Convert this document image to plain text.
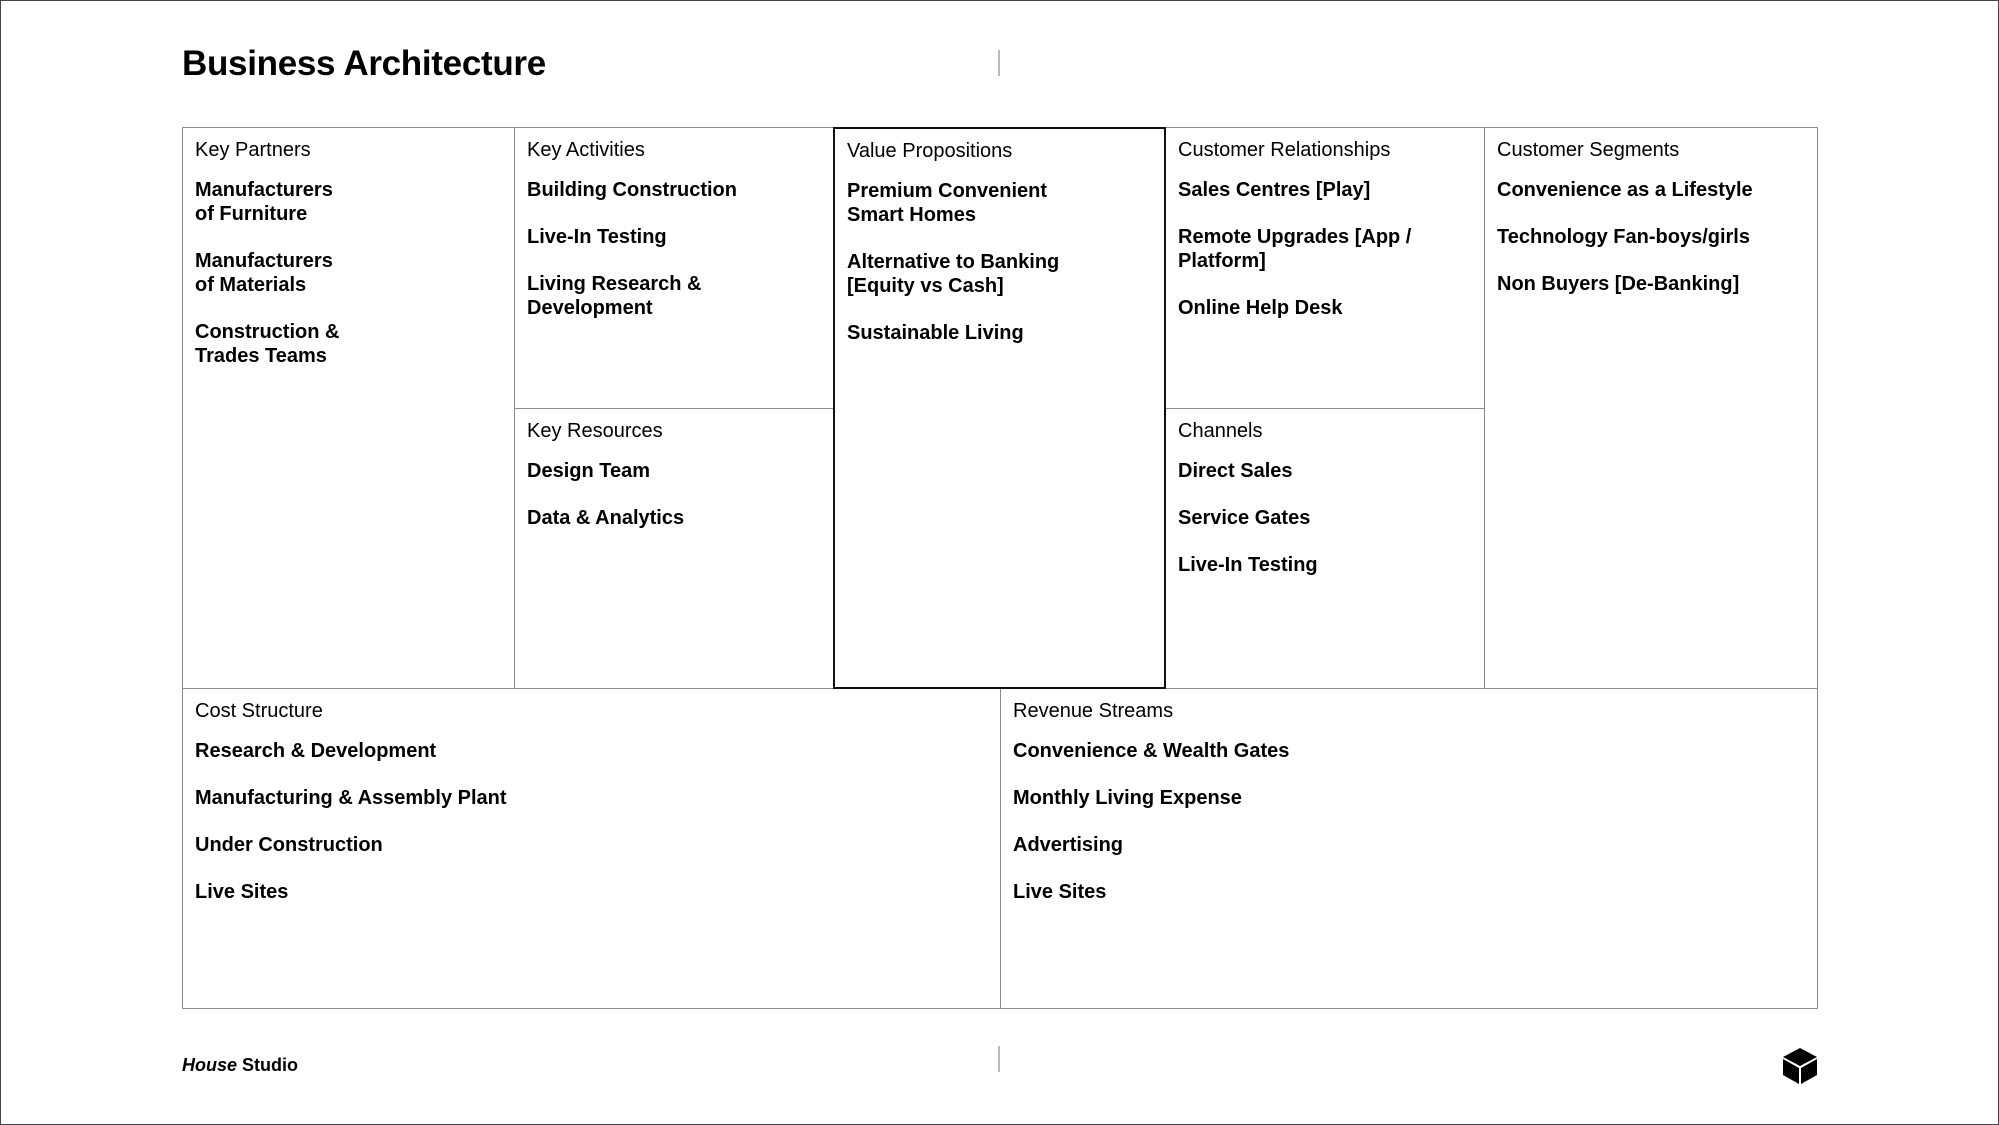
Business Architecture
Key Partners
Manufacturers
of Furniture
Manufacturers
of Materials
Construction &
Trades Teams
Key Activities
Building Construction
Live-In Testing
Living Research &
Development
Key Resources
Design Team
Data & Analytics
Value Propositions
Premium Convenient
Smart Homes
Alternative to Banking
[Equity vs Cash]
Sustainable Living
Customer Relationships
Sales Centres [Play]
Remote Upgrades [App /
Platform]
Online Help Desk
Channels
Direct Sales
Service Gates
Live-In Testing
Customer Segments
Convenience as a Lifestyle
Technology Fan-boys/girls
Non Buyers [De-Banking]
Cost Structure
Research & Development
Manufacturing & Assembly Plant
Under Construction
Live Sites
Revenue Streams
Convenience & Wealth Gates
Monthly Living Expense
Advertising
Live Sites
House Studio
